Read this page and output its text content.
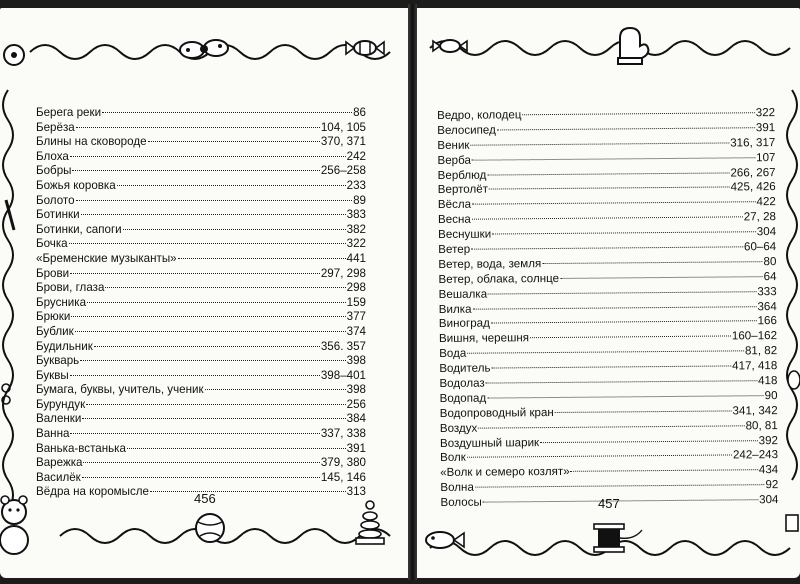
Берега реки	86
Берёза	104, 105
Блины на сковороде	370, 371
Блоха	242
Бобры	256–258
Божья коровка	233
Болото	89
Ботинки	383
Ботинки, сапоги	382
Бочка	322
«Бременские музыканты»	441
Брови	297, 298
Брови, глаза	298
Брусника	159
Брюки	377
Бублик	374
Будильник	356. 357
Букварь	398
Буквы	398–401
Бумага, буквы, учитель, ученик	398
Бурундук	256
Валенки	384
Ванна	337, 338
Ванька-встанька	391
Варежка	379, 380
Василёк	145, 146
Вёдра на коромысле	313
Ведро, колодец	322
Велосипед	391
Веник	316, 317
Верба	107
Верблюд	266, 267
Вертолёт	425, 426
Вёсла	422
Весна	27, 28
Веснушки	304
Ветер	60–64
Ветер, вода, земля	80
Ветер, облака, солнце	64
Вешалка	333
Вилка	364
Виноград	166
Вишня, черешня	160–162
Вода	81, 82
Водитель	417, 418
Водолаз	418
Водопад	90
Водопроводный кран	341, 342
Воздух	80, 81
Воздушный шарик	392
Волк	242–243
«Волк и семеро козлят»	434
Волна	92
Волосы	304
456	457
